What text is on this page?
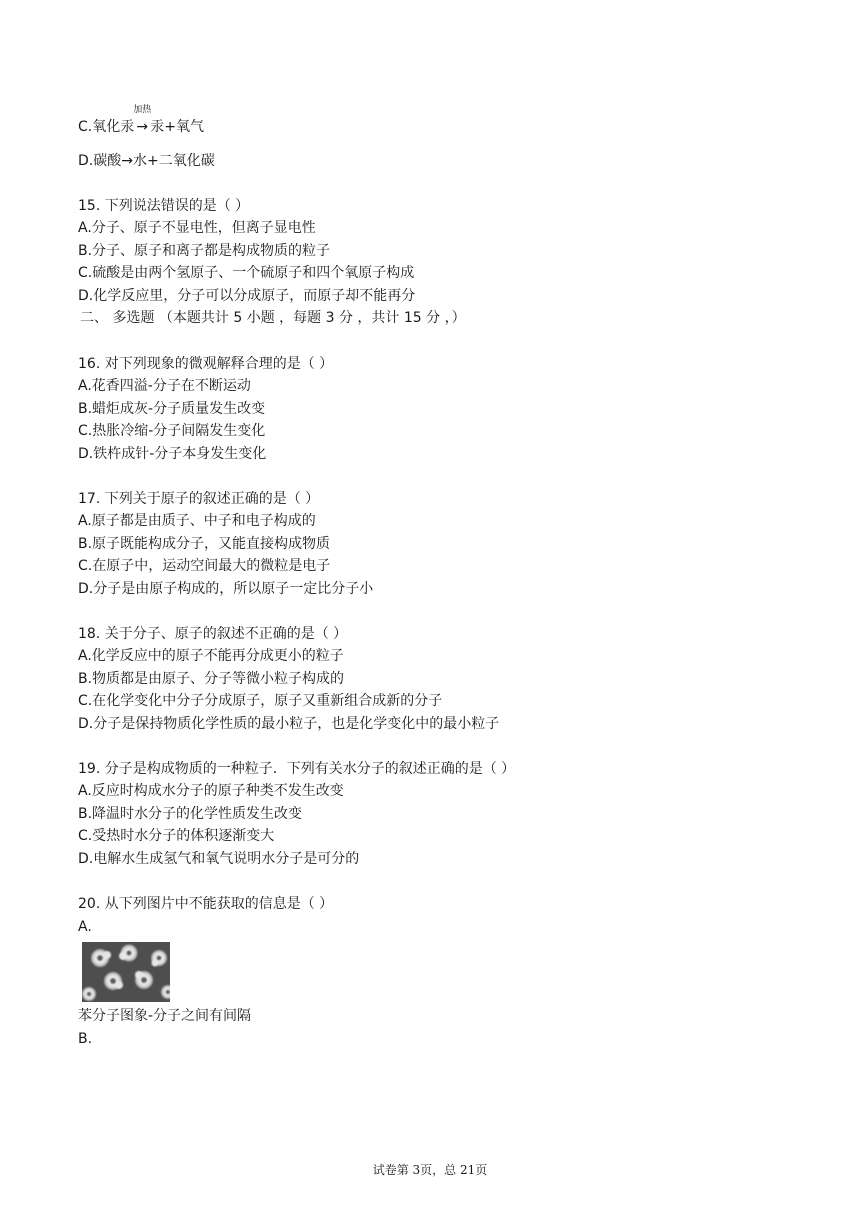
C.氧化汞
加热
→ 汞+氧气
D.碳酸→水+二氧化碳
15. 下列说法错误的是（ ）
A.分子、原子不显电性，但离子显电性
B.分子、原子和离子都是构成物质的粒子
C.硫酸是由两个氢原子、一个硫原子和四个氧原子构成
D.化学反应里，分子可以分成原子，而原子却不能再分
二、 多选题 （本题共计 5 小题 ，每题 3 分 ，共计 15 分 ，）
16. 对下列现象的微观解释合理的是（ ）
A.花香四溢-分子在不断运动
B.蜡炬成灰-分子质量发生改变
C.热胀冷缩-分子间隔发生变化
D.铁杵成针-分子本身发生变化
17. 下列关于原子的叙述正确的是（ ）
A.原子都是由质子、中子和电子构成的
B.原子既能构成分子，又能直接构成物质
C.在原子中，运动空间最大的微粒是电子
D.分子是由原子构成的，所以原子一定比分子小
18. 关于分子、原子的叙述不正确的是（ ）
A.化学反应中的原子不能再分成更小的粒子
B.物质都是由原子、分子等微小粒子构成的
C.在化学变化中分子分成原子，原子又重新组合成新的分子
D.分子是保持物质化学性质的最小粒子，也是化学变化中的最小粒子
19. 分子是构成物质的一种粒子．下列有关水分子的叙述正确的是（ ）
A.反应时构成水分子的原子种类不发生改变
B.降温时水分子的化学性质发生改变
C.受热时水分子的体积逐渐变大
D.电解水生成氢气和氧气说明水分子是可分的
20. 从下列图片中不能获取的信息是（ ）
A.
苯分子图象-分子之间有间隔
B.
试卷第 3页，总 21页
